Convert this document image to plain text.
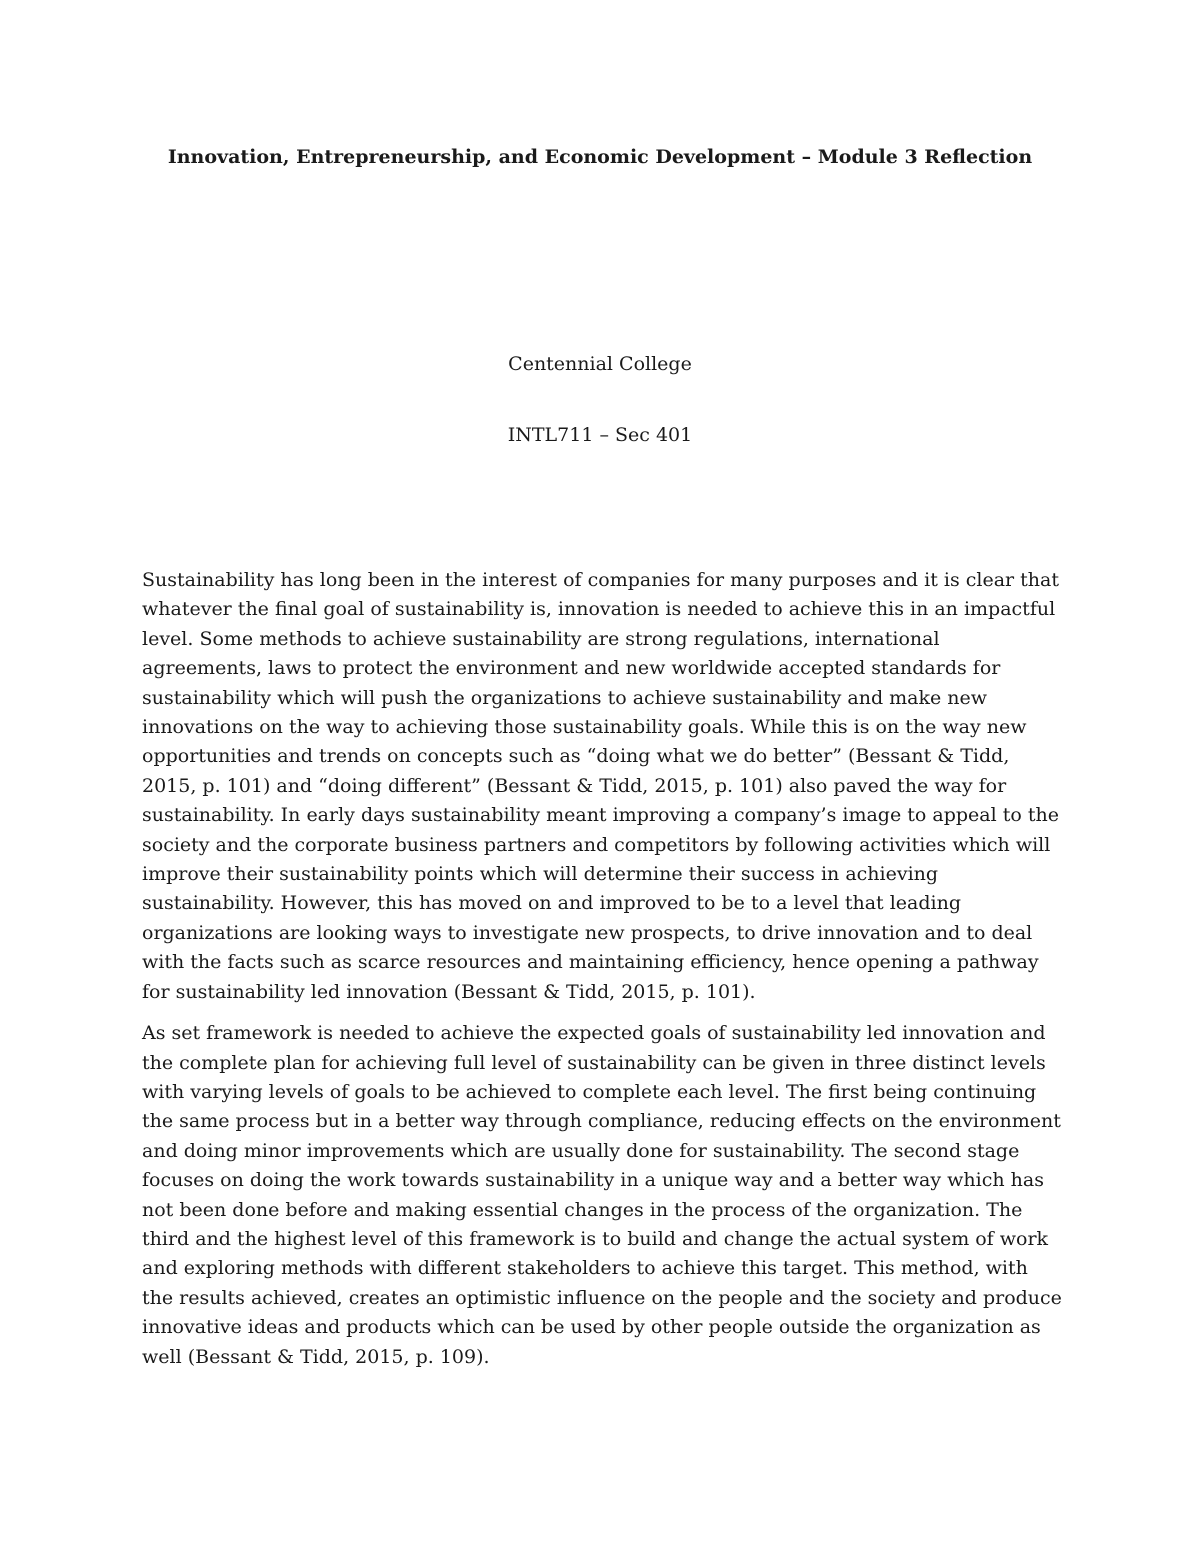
Innovation, Entrepreneurship, and Economic Development – Module 3 Reflection

Centennial College

INTL711 – Sec 401

Sustainability has long been in the interest of companies for many purposes and it is clear that whatever the final goal of sustainability is, innovation is needed to achieve this in an impactful level. Some methods to achieve sustainability are strong regulations, international agreements, laws to protect the environment and new worldwide accepted standards for sustainability which will push the organizations to achieve sustainability and make new innovations on the way to achieving those sustainability goals. While this is on the way new opportunities and trends on concepts such as “doing what we do better” (Bessant & Tidd, 2015, p. 101) and “doing different” (Bessant & Tidd, 2015, p. 101) also paved the way for sustainability. In early days sustainability meant improving a company’s image to appeal to the society and the corporate business partners and competitors by following activities which will improve their sustainability points which will determine their success in achieving sustainability. However, this has moved on and improved to be to a level that leading organizations are looking ways to investigate new prospects, to drive innovation and to deal with the facts such as scarce resources and maintaining efficiency, hence opening a pathway for sustainability led innovation (Bessant & Tidd, 2015, p. 101).

As set framework is needed to achieve the expected goals of sustainability led innovation and the complete plan for achieving full level of sustainability can be given in three distinct levels with varying levels of goals to be achieved to complete each level. The first being continuing the same process but in a better way through compliance, reducing effects on the environment and doing minor improvements which are usually done for sustainability. The second stage focuses on doing the work towards sustainability in a unique way and a better way which has not been done before and making essential changes in the process of the organization. The third and the highest level of this framework is to build and change the actual system of work and exploring methods with different stakeholders to achieve this target. This method, with the results achieved, creates an optimistic influence on the people and the society and produce innovative ideas and products which can be used by other people outside the organization as well (Bessant & Tidd, 2015, p. 109).
